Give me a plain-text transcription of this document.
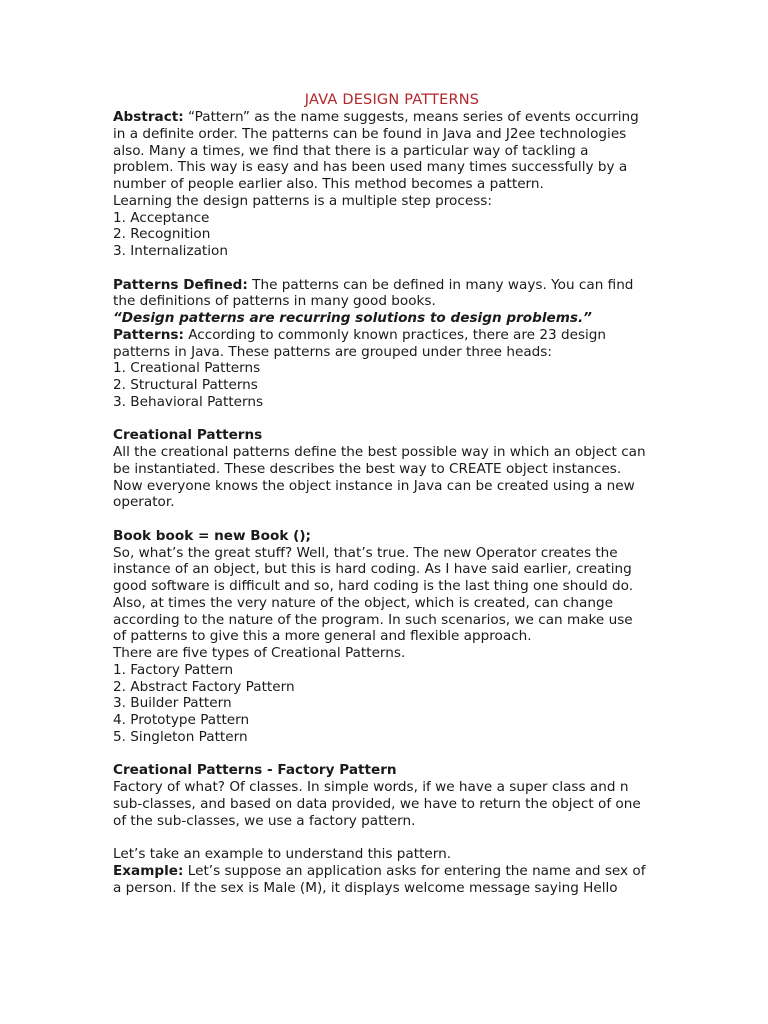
JAVA DESIGN PATTERNS

Abstract: “Pattern” as the name suggests, means series of events occurring

in a definite order. The patterns can be found in Java and J2ee technologies

also. Many a times, we find that there is a particular way of tackling a

problem. This way is easy and has been used many times successfully by a

number of people earlier also. This method becomes a pattern.

Learning the design patterns is a multiple step process:

1. Acceptance

2. Recognition

3. Internalization

Patterns Defined: The patterns can be defined in many ways. You can find

the definitions of patterns in many good books.

“Design patterns are recurring solutions to design problems.”

Patterns: According to commonly known practices, there are 23 design

patterns in Java. These patterns are grouped under three heads:

1. Creational Patterns

2. Structural Patterns

3. Behavioral Patterns

Creational Patterns

All the creational patterns define the best possible way in which an object can

be instantiated. These describes the best way to CREATE object instances.

Now everyone knows the object instance in Java can be created using a new

operator.

Book book = new Book ();

So, what’s the great stuff? Well, that’s true. The new Operator creates the

instance of an object, but this is hard coding. As I have said earlier, creating

good software is difficult and so, hard coding is the last thing one should do.

Also, at times the very nature of the object, which is created, can change

according to the nature of the program. In such scenarios, we can make use

of patterns to give this a more general and flexible approach.

There are five types of Creational Patterns.

1. Factory Pattern

2. Abstract Factory Pattern

3. Builder Pattern

4. Prototype Pattern

5. Singleton Pattern

Creational Patterns - Factory Pattern

Factory of what? Of classes. In simple words, if we have a super class and n

sub-classes, and based on data provided, we have to return the object of one

of the sub-classes, we use a factory pattern.

Let’s take an example to understand this pattern.

Example: Let’s suppose an application asks for entering the name and sex of

a person. If the sex is Male (M), it displays welcome message saying Hello
